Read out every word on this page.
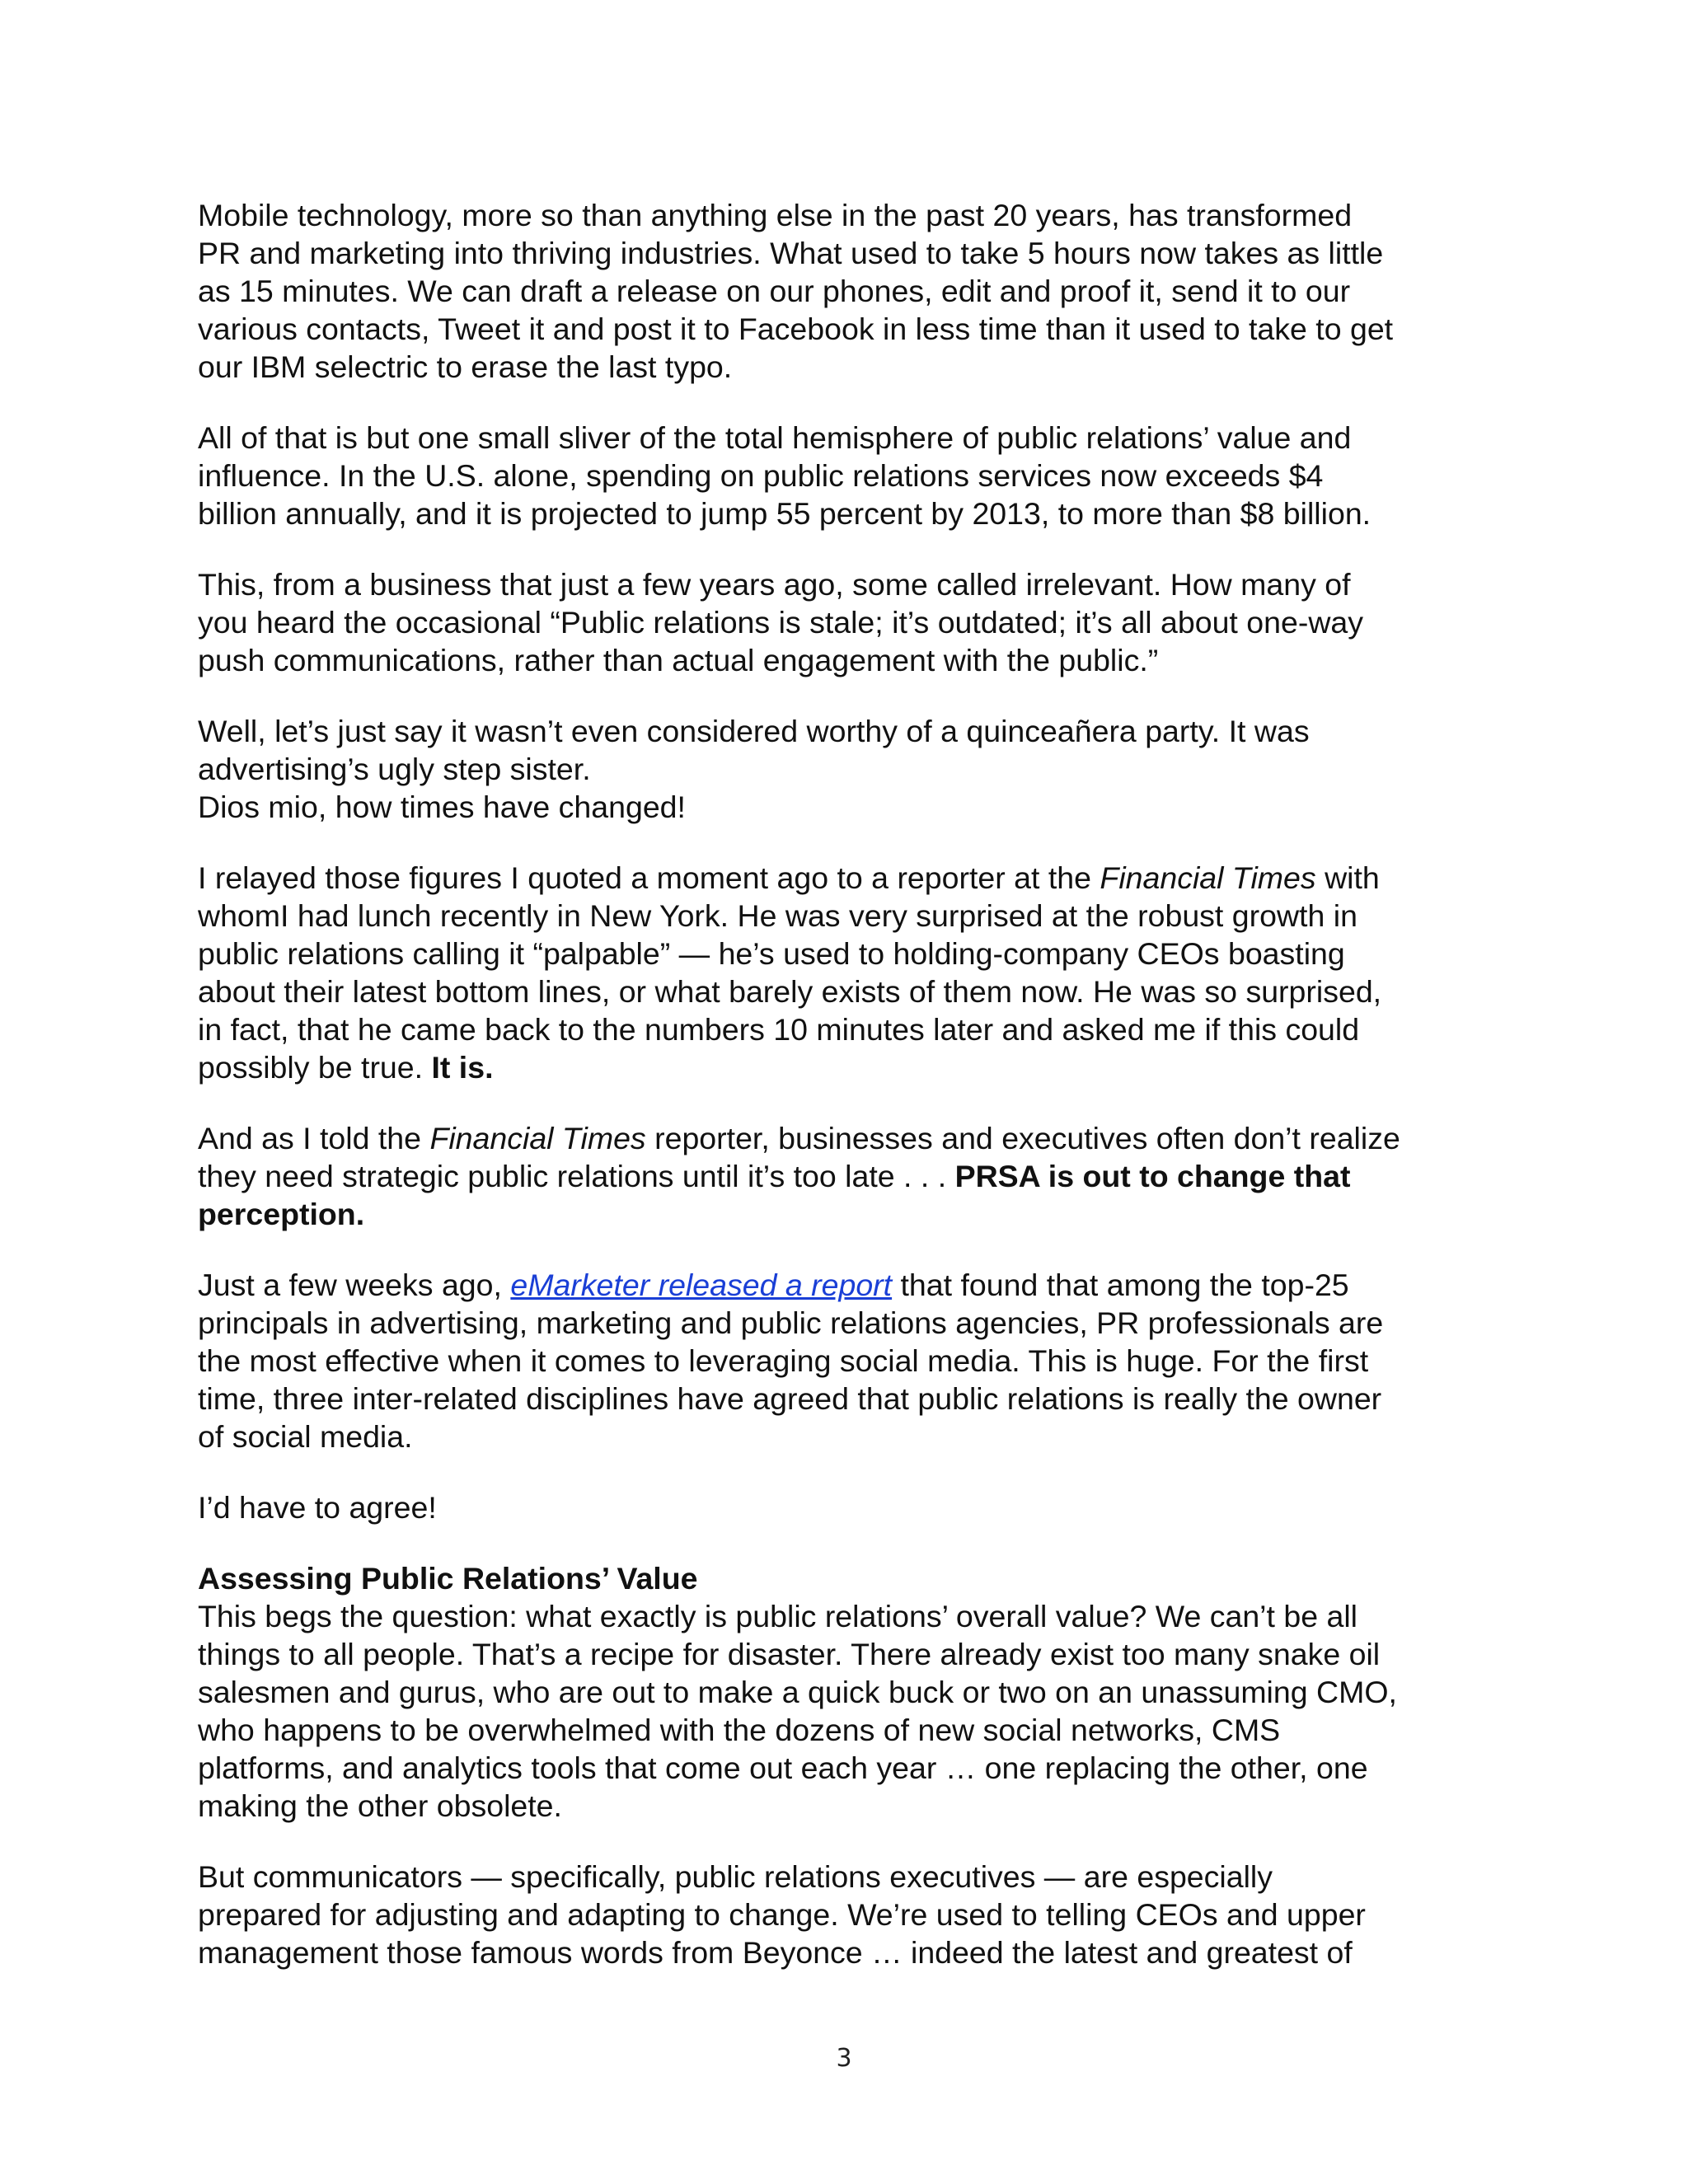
Mobile technology, more so than anything else in the past 20 years, has transformed
PR and marketing into thriving industries. What used to take 5 hours now takes as little
as 15 minutes. We can draft a release on our phones, edit and proof it, send it to our
various contacts, Tweet it and post it to Facebook in less time than it used to take to get
our IBM selectric to erase the last typo.

All of that is but one small sliver of the total hemisphere of public relations’ value and
influence. In the U.S. alone, spending on public relations services now exceeds $4
billion annually, and it is projected to jump 55 percent by 2013, to more than $8 billion.

This, from a business that just a few years ago, some called irrelevant. How many of
you heard the occasional “Public relations is stale; it’s outdated; it’s all about one-way
push communications, rather than actual engagement with the public.”

Well, let’s just say it wasn’t even considered worthy of a quinceañera party. It was
advertising’s ugly step sister.
Dios mio, how times have changed!

I relayed those figures I quoted a moment ago to a reporter at the Financial Times with
whomI had lunch recently in New York. He was very surprised at the robust growth in
public relations calling it “palpable” — he’s used to holding-company CEOs boasting
about their latest bottom lines, or what barely exists of them now. He was so surprised,
in fact, that he came back to the numbers 10 minutes later and asked me if this could
possibly be true. It is.

And as I told the Financial Times reporter, businesses and executives often don’t realize
they need strategic public relations until it’s too late . . . PRSA is out to change that
perception.

Just a few weeks ago, eMarketer released a report that found that among the top-25
principals in advertising, marketing and public relations agencies, PR professionals are
the most effective when it comes to leveraging social media. This is huge. For the first
time, three inter-related disciplines have agreed that public relations is really the owner
of social media.

I’d have to agree!

Assessing Public Relations’ Value

This begs the question: what exactly is public relations’ overall value? We can’t be all
things to all people. That’s a recipe for disaster. There already exist too many snake oil
salesmen and gurus, who are out to make a quick buck or two on an unassuming CMO,
who happens to be overwhelmed with the dozens of new social networks, CMS
platforms, and analytics tools that come out each year … one replacing the other, one
making the other obsolete.

But communicators — specifically, public relations executives — are especially
prepared for adjusting and adapting to change. We’re used to telling CEOs and upper
management those famous words from Beyonce … indeed the latest and greatest of

3
